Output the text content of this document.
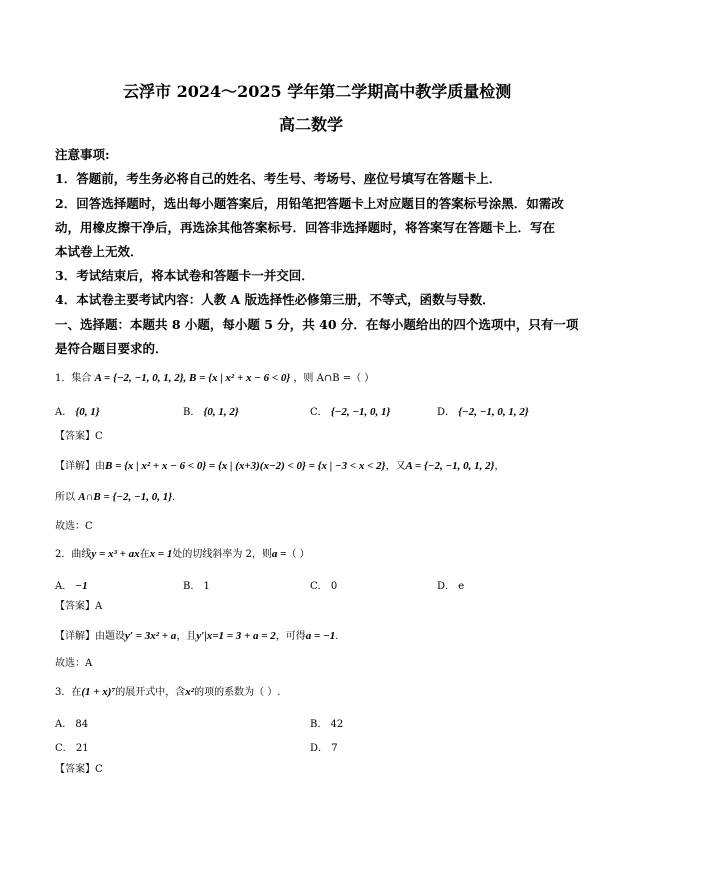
云浮市 2024～2025 学年第二学期高中教学质量检测
高二数学
注意事项:
1．答题前，考生务必将自己的姓名、考生号、考场号、座位号填写在答题卡上．
2．回答选择题时，选出每小题答案后，用铅笔把答题卡上对应题目的答案标号涂黑．如需改
动，用橡皮擦干净后，再选涂其他答案标号．回答非选择题时，将答案写在答题卡上．写在
本试卷上无效．
3．考试结束后，将本试卷和答题卡一并交回．
4．本试卷主要考试内容：人教 A 版选择性必修第三册，不等式，函数与导数．
一、选择题：本题共 8 小题，每小题 5 分，共 40 分．在每小题给出的四个选项中，只有一项
是符合题目要求的．
1．集合 A = {−2, −1, 0, 1, 2}, B = {x | x² + x − 6 < 0} ，则 A∩B =（ ）
A． {0, 1}	B． {0, 1, 2}	C． {−2, −1, 0, 1}	D． {−2, −1, 0, 1, 2}
【答案】C
【详解】由B = {x | x² + x − 6 < 0} = {x | (x+3)(x−2) < 0} = {x | −3 < x < 2}，又A = {−2, −1, 0, 1, 2}，
所以 A∩B = {−2, −1, 0, 1}.
故选：C
2．曲线y = x³ + ax在x = 1处的切线斜率为 2，则a =（ ）
A． −1	B． 1	C． 0	D． e
【答案】A
【详解】由题设y′ = 3x² + a，且y′|x=1 = 3 + a = 2，可得a = −1.
故选：A
3．在(1 + x)⁷的展开式中，含x²的项的系数为（ ）.
A． 84	B． 42
C． 21	D． 7
【答案】C
